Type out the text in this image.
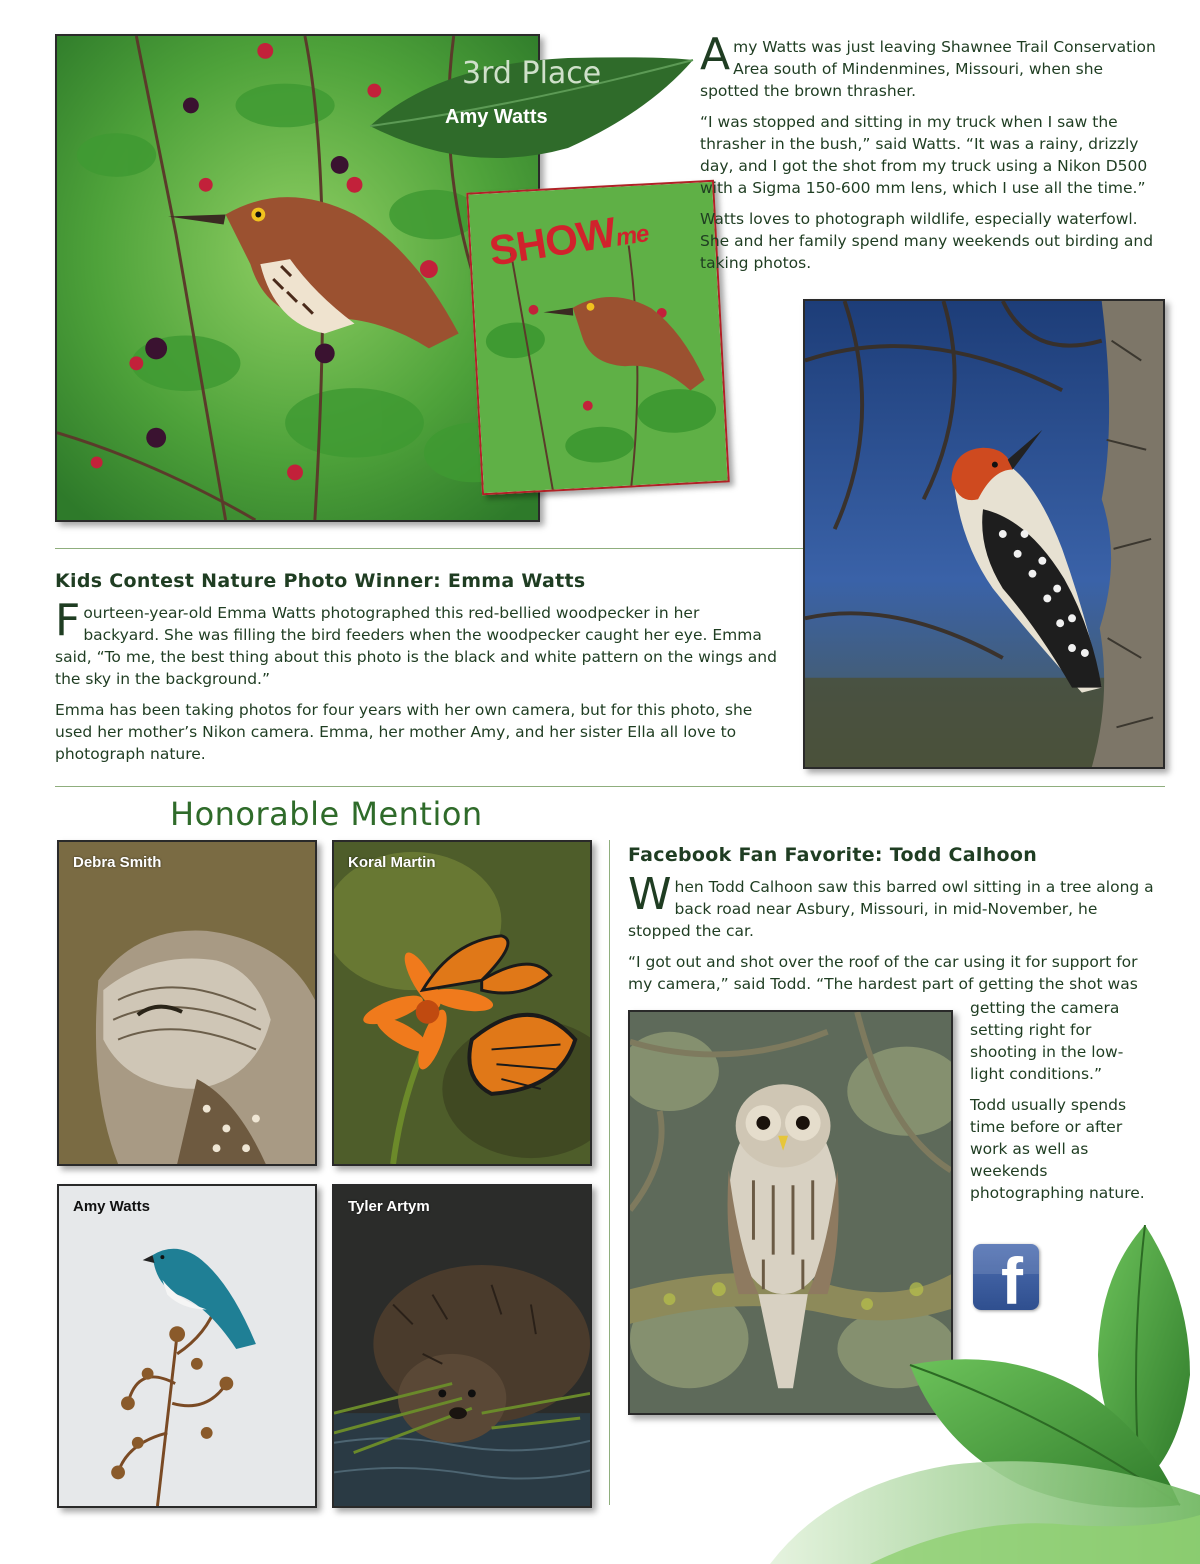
SHOWme
3rd Place
Amy Watts

Amy Watts was just leaving Shawnee Trail Conservation Area south of Mindenmines, Missouri, when she spotted the brown thrasher.

“I was stopped and sitting in my truck when I saw the thrasher in the bush,” said Watts. “It was a rainy, drizzly day, and I got the shot from my truck using a Nikon D500 with a Sigma 150-600 mm lens, which I use all the time.”

Watts loves to photograph wildlife, especially waterfowl. She and her family spend many weekends out birding and taking photos.

Kids Contest Nature Photo Winner: Emma Watts

Fourteen-year-old Emma Watts photographed this red-bellied woodpecker in her backyard. She was filling the bird feeders when the woodpecker caught her eye. Emma said, “To me, the best thing about this photo is the black and white pattern on the wings and the sky in the background.”

Emma has been taking photos for four years with her own camera, but for this photo, she used her mother’s Nikon camera. Emma, her mother Amy, and her sister Ella all love to photograph nature.

Honorable Mention
Debra Smith	Koral Martin
Amy Watts	Tyler Artym
Facebook Fan Favorite: Todd Calhoon

When Todd Calhoon saw this barred owl sitting in a tree along a back road near Asbury, Missouri, in mid-November, he stopped the car.

“I got out and shot over the roof of the car using it for support for my camera,” said Todd. “The hardest part of getting the shot was

getting the camera setting right for shooting in the low-light conditions.”

Todd usually spends time before or after work as well as weekends photographing nature.

f
